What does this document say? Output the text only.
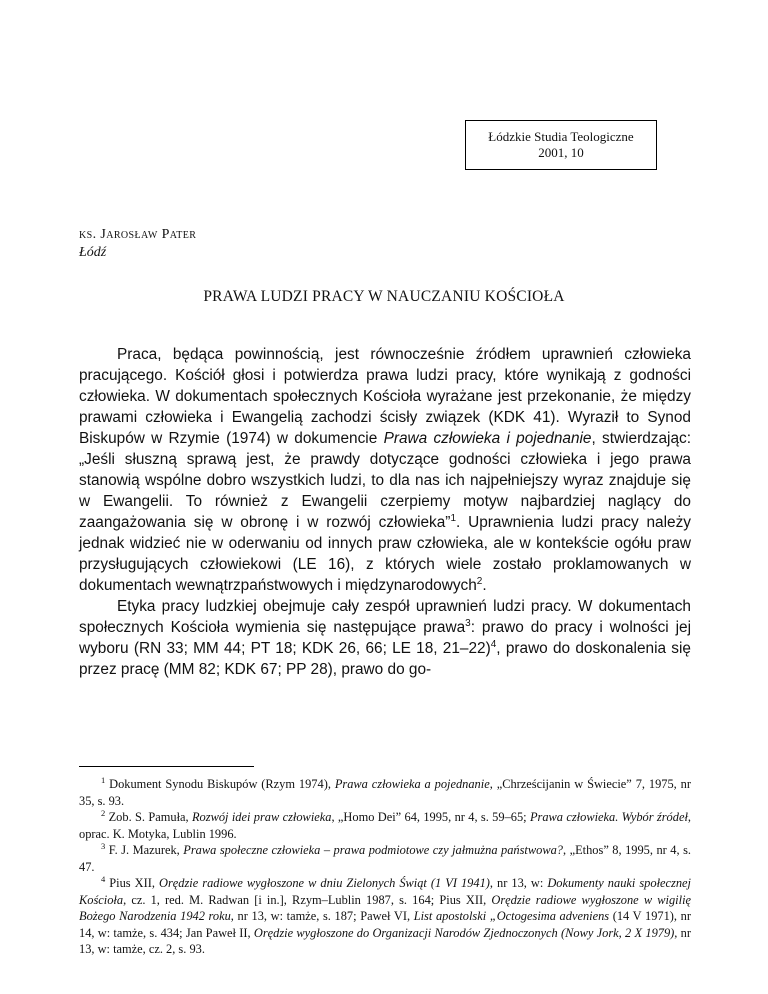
Łódzkie Studia Teologiczne
2001, 10
ks. Jarosław Pater
Łódź
PRAWA LUDZI PRACY W NAUCZANIU KOŚCIOŁA

Praca, będąca powinnością, jest równocześnie źródłem uprawnień człowieka pracującego. Kościół głosi i potwierdza prawa ludzi pracy, które wynikają z godności człowieka. W dokumentach społecznych Kościoła wyrażane jest przekonanie, że między prawami człowieka i Ewangelią zachodzi ścisły związek (KDK 41). Wyraził to Synod Biskupów w Rzymie (1974) w dokumencie Prawa człowieka i pojednanie, stwierdzając: „Jeśli słuszną sprawą jest, że prawdy dotyczące godności człowieka i jego prawa stanowią wspólne dobro wszystkich ludzi, to dla nas ich najpełniejszy wyraz znajduje się w Ewangelii. To również z Ewangelii czerpiemy motyw najbardziej naglący do zaangażowania się w obronę i w rozwój człowieka”$^1$. Uprawnienia ludzi pracy należy jednak widzieć nie w oderwaniu od innych praw człowieka, ale w kontekście ogółu praw przysługujących człowiekowi (LE 16), z których wiele zostało proklamowanych w dokumentach wewnątrzpaństwowych i międzynarodowych$^2$.

Etyka pracy ludzkiej obejmuje cały zespół uprawnień ludzi pracy. W dokumentach społecznych Kościoła wymienia się następujące prawa$^3$: prawo do pracy i wolności jej wyboru (RN 33; MM 44; PT 18; KDK 26, 66; LE 18, 21–22)$^4$, prawo do doskonalenia się przez pracę (MM 82; KDK 67; PP 28), prawo do go-

$^1$ Dokument Synodu Biskupów (Rzym 1974), Prawa człowieka a pojednanie, „Chrześcijanin w Świecie” 7, 1975, nr 35, s. 93.

$^2$ Zob. S. Pamuła, Rozwój idei praw człowieka, „Homo Dei” 64, 1995, nr 4, s. 59–65; Prawa człowieka. Wybór źródeł, oprac. K. Motyka, Lublin 1996.

$^3$ F. J. Mazurek, Prawa społeczne człowieka – prawa podmiotowe czy jałmużna państwowa?, „Ethos” 8, 1995, nr 4, s. 47.

$^4$ Pius XII, Orędzie radiowe wygłoszone w dniu Zielonych Świąt (1 VI 1941), nr 13, w: Dokumenty nauki społecznej Kościoła, cz. 1, red. M. Radwan [i in.], Rzym–Lublin 1987, s. 164; Pius XII, Orędzie radiowe wygłoszone w wigilię Bożego Narodzenia 1942 roku, nr 13, w: tamże, s. 187; Paweł VI, List apostolski „Octogesima adveniens (14 V 1971), nr 14, w: tamże, s. 434; Jan Paweł II, Orędzie wygłoszone do Organizacji Narodów Zjednoczonych (Nowy Jork, 2 X 1979), nr 13, w: tamże, cz. 2, s. 93.
